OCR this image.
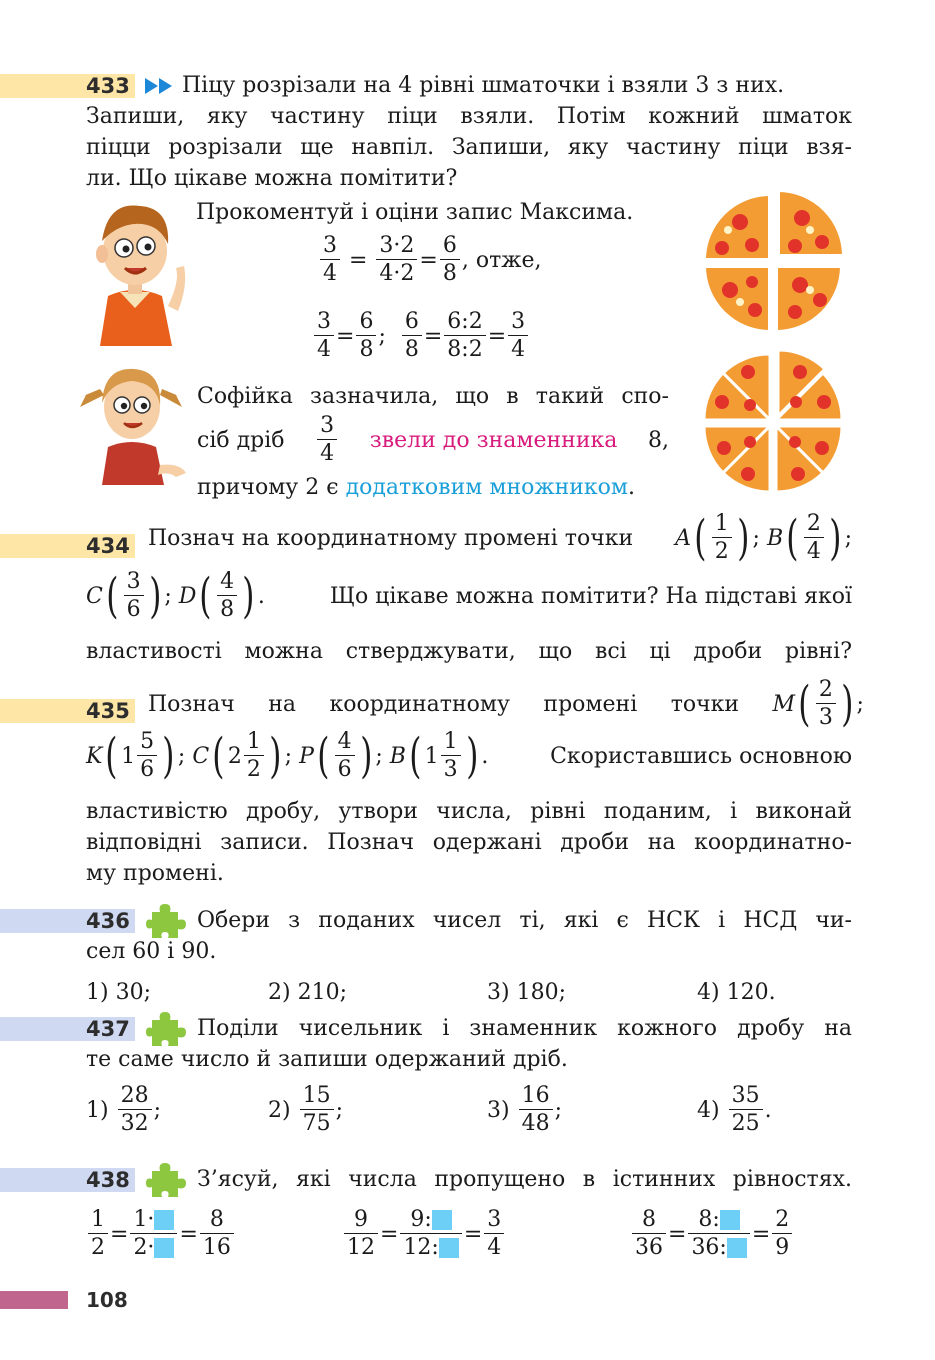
433 Піцу розрізали на 4 рівні шматочки і взяли 3 з них.
Запиши, яку частину піци взяли. Потім кожний шматок
піцци розрізали ще навпіл. Запиши, яку частину піци взя-
ли. Що цікаве можна помітити?
Прокоментуй і оціни запис Максима.
$\frac{3}{4} = \frac{3\cdot 2}{4\cdot 2} = \frac{6}{8}$ , отже,
$\frac{3}{4} = \frac{6}{8}$ ; $\frac{6}{8} = \frac{6:2}{8:2} = \frac{3}{4}$
Софійка зазначила, що в такий спо-
сіб дріб $\frac{3}{4}$ звели до знаменника 8,
причому 2 є додатковим множником.
434 Познач на координатному промені точки A ( $\frac{1}{2}$ ) ;
B ( $\frac{2}{4}$ ) ;
C ( $\frac{3}{6}$ ) ;
D ( $\frac{4}{8}$ ) .	Що цікаве можна помітити? На підставі якої
властивості можна стверджувати, що всі ці дроби рівні?
435 Познач на координатному промені точки M ( $\frac{2}{3}$ ) ;
K ( $1 \frac{5}{6}$ ) ;
C ( $2 \frac{1}{2}$ ) ;
P ( $\frac{4}{6}$ ) ;
B ( $1 \frac{1}{3}$ ) .	Скориставшись основною
властивістю дробу, утвори числа, рівні поданим, і виконай
відповідні записи. Познач одержані дроби на координатно-
му промені.
436	Обери з поданих чисел ті, які є НСК і НСД чи-
сел 60 і 90.
1) 30;	2) 210;	3) 180;	4) 120.
437	Поділи чисельник і знаменник кожного дробу на
те саме число й запиши одержаний дріб.
1)
$\frac{28}{32}$ ;	2)
$\frac{15}{75}$ ;	3)
$\frac{16}{48}$ ;	4)
$\frac{35}{25}$ .
438	З’ясуй, які числа пропущено в істинних рівностях.
$\frac{1}{2} = \frac{1\cdot}{2\cdot} = \frac{8}{16}$	$\frac{9}{12} = \frac{9:}{12:} = \frac{3}{4}$	$\frac{8}{36} = \frac{8:}{36:} = \frac{2}{9}$
108
